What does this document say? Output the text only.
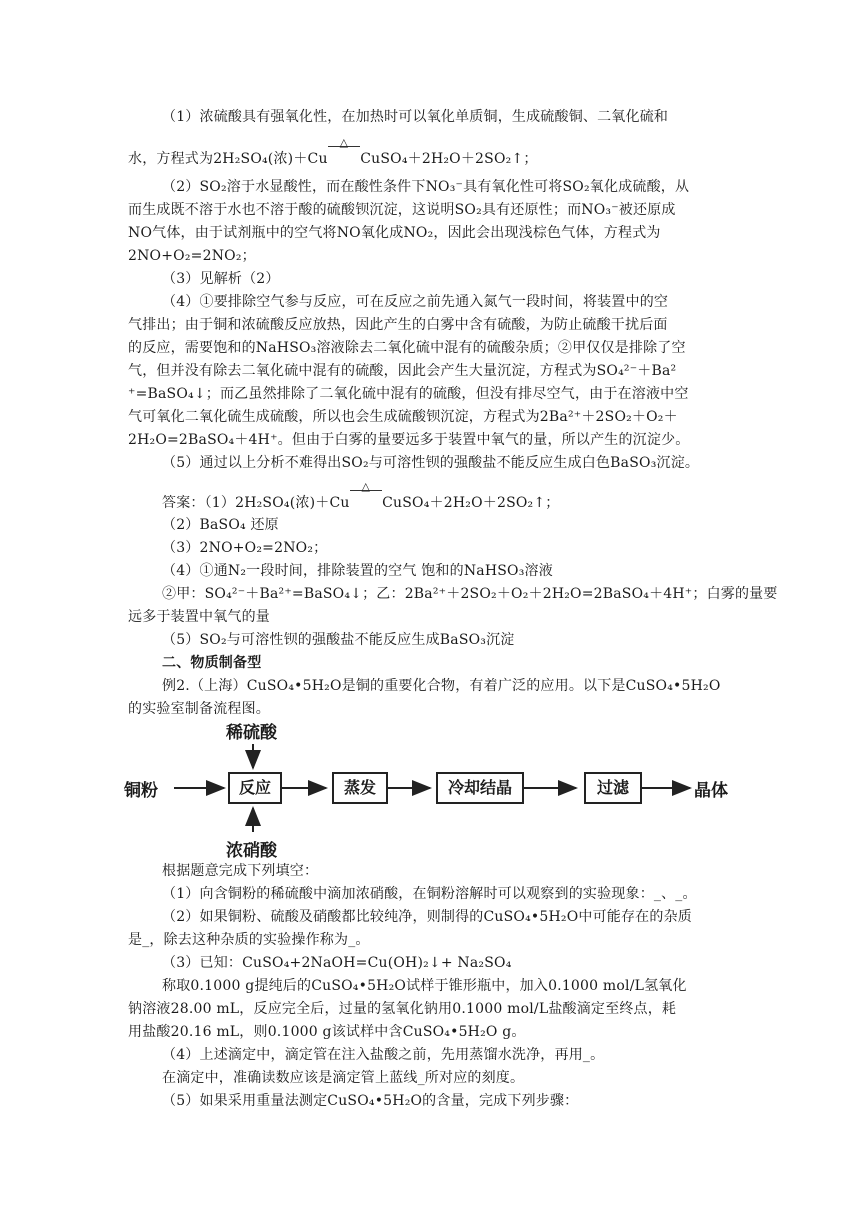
（1）浓硫酸具有强氧化性，在加热时可以氧化单质铜，生成硫酸铜、二氧化硫和
水，方程式为2H₂SO₄(浓)＋Cu
△
CuSO₄＋2H₂O＋2SO₂↑；
（2）SO₂溶于水显酸性，而在酸性条件下NO₃⁻具有氧化性可将SO₂氧化成硫酸，从
而生成既不溶于水也不溶于酸的硫酸钡沉淀，这说明SO₂具有还原性；而NO₃⁻被还原成
NO气体，由于试剂瓶中的空气将NO氧化成NO₂，因此会出现浅棕色气体，方程式为
2NO+O₂=2NO₂；
（3）见解析（2）
（4）①要排除空气参与反应，可在反应之前先通入氮气一段时间，将装置中的空
气排出；由于铜和浓硫酸反应放热，因此产生的白雾中含有硫酸，为防止硫酸干扰后面
的反应，需要饱和的NaHSO₃溶液除去二氧化硫中混有的硫酸杂质；②甲仅仅是排除了空
气，但并没有除去二氧化硫中混有的硫酸，因此会产生大量沉淀，方程式为SO₄²⁻＋Ba²
⁺=BaSO₄↓；而乙虽然排除了二氧化硫中混有的硫酸，但没有排尽空气，由于在溶液中空
气可氧化二氧化硫生成硫酸，所以也会生成硫酸钡沉淀，方程式为2Ba²⁺＋2SO₂＋O₂＋
2H₂O=2BaSO₄＋4H⁺。但由于白雾的量要远多于装置中氧气的量，所以产生的沉淀少。
（5）通过以上分析不难得出SO₂与可溶性钡的强酸盐不能反应生成白色BaSO₃沉淀。
答案：（1）2H₂SO₄(浓)＋Cu
△
CuSO₄＋2H₂O＋2SO₂↑；
（2）BaSO₄ 还原
（3）2NO+O₂=2NO₂；
（4）①通N₂一段时间，排除装置的空气 饱和的NaHSO₃溶液
②甲：SO₄²⁻＋Ba²⁺=BaSO₄↓；乙：2Ba²⁺＋2SO₂＋O₂＋2H₂O=2BaSO₄＋4H⁺；白雾的量要
远多于装置中氧气的量
（5）SO₂与可溶性钡的强酸盐不能反应生成BaSO₃沉淀
二、物质制备型
例2.（上海）CuSO₄•5H₂O是铜的重要化合物，有着广泛的应用。以下是CuSO₄•5H₂O
的实验室制备流程图。
稀硫酸
浓硝酸
铜粉	反应	蒸发	冷却结晶	过滤	晶体
根据题意完成下列填空：
（1）向含铜粉的稀硫酸中滴加浓硝酸，在铜粉溶解时可以观察到的实验现象：_、_。
（2）如果铜粉、硫酸及硝酸都比较纯净，则制得的CuSO₄•5H₂O中可能存在的杂质
是_，除去这种杂质的实验操作称为_。
（3）已知：CuSO₄+2NaOH=Cu(OH)₂↓+ Na₂SO₄
称取0.1000 g提纯后的CuSO₄•5H₂O试样于锥形瓶中，加入0.1000 mol/L氢氧化
钠溶液28.00 mL，反应完全后，过量的氢氧化钠用0.1000 mol/L盐酸滴定至终点，耗
用盐酸20.16 mL，则0.1000 g该试样中含CuSO₄•5H₂O g。
（4）上述滴定中，滴定管在注入盐酸之前，先用蒸馏水洗净，再用_。
在滴定中，准确读数应该是滴定管上蓝线_所对应的刻度。
（5）如果采用重量法测定CuSO₄•5H₂O的含量，完成下列步骤：
